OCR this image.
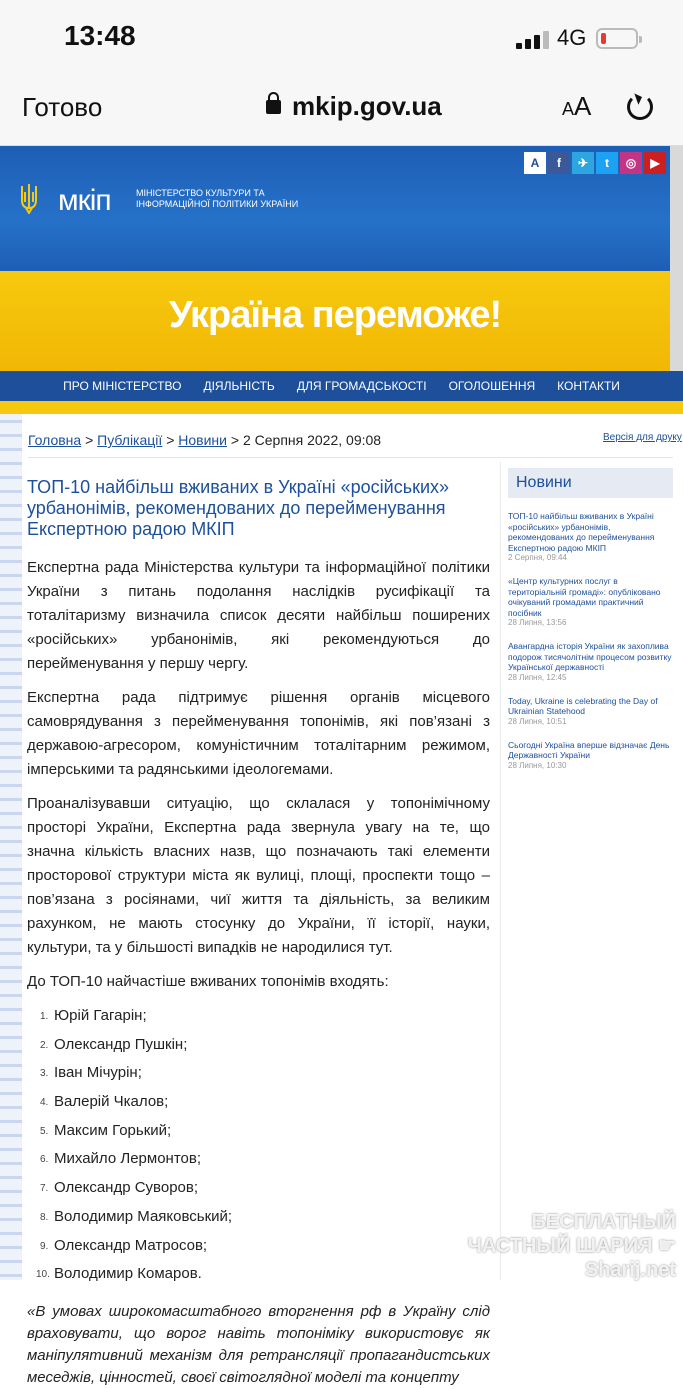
13:48	4G
Готово	mkip.gov.ua	AA
мкіп	МІНІСТЕРСТВО КУЛЬТУРИ ТА ІНФОРМАЦІЙНОЇ ПОЛІТИКИ УКРАЇНИ
A	f	✈	t	◎	▶
Україна переможе!
ПРО МІНІСТЕРСТВО ДІЯЛЬНІСТЬ ДЛЯ ГРОМАДСЬКОСТІ ОГОЛОШЕННЯ КОНТАКТИ
Головна > Публікації > Новини > 2 Серпня 2022, 09:08	Версія для друку
ТОП-10 найбільш вживаних в Україні «російських» урбанонімів, рекомендованих до перейменування Експертною радою МКІП

Експертна рада Міністерства культури та інформаційної політики України з питань подолання наслідків русифікації та тоталітаризму визначила список десяти найбільш поширених «російських» урбанонімів, які рекомендуються до перейменування у першу чергу.

Експертна рада підтримує рішення органів місцевого самоврядування з перейменування топонімів, які пов’язані з державою-агресором, комуністичним тоталітарним режимом, імперськими та радянськими ідеологемами.

Проаналізувавши ситуацію, що склалася у топонімічному просторі України, Експертна рада звернула увагу на те, що значна кількість власних назв, що позначають такі елементи просторової структури міста як вулиці, площі, проспекти тощо – пов’язана з росіянами, чиї життя та діяльність, за великим рахунком, не мають стосунку до України, її історії, науки, культури, та у більшості випадків не народилися тут.

До ТОП-10 найчастіше вживаних топонімів входять:

1. Юрій Гагарін;
2. Олександр Пушкін;
3. Іван Мічурін;
4. Валерій Чкалов;
5. Максим Горький;
6. Михайло Лермонтов;
7. Олександр Суворов;
8. Володимир Маяковський;
9. Олександр Матросов;
10. Володимир Комаров.

«В умовах широкомасштабного вторгнення рф в Україну слід враховувати, що ворог навіть топоніміку використовує як маніпулятивний механізм для ретрансляції пропагандистських меседжів, цінностей, своєї світоглядної моделі та концепту

Новини
ТОП-10 найбільш вживаних в Україні «російських» урбанонімів, рекомендованих до перейменування Експертною радою МКІП
2 Серпня, 09:44
«Центр культурних послуг в територіальній громаді»: опубліковано очікуваний громадами практичний посібник
28 Липня, 13:56
Авангардна історія України як захоплива подорож тисячолітнім процесом розвитку Української державності
28 Липня, 12:45
Today, Ukraine is celebrating the Day of Ukrainian Statehood
28 Липня, 10:51
Сьогодні Україна вперше відзначає День Державності України
28 Липня, 10:30
БЕСПЛАТНЫЙ ЧАСТНЫЙ ШАРИЯ ☛ Sharij.net
